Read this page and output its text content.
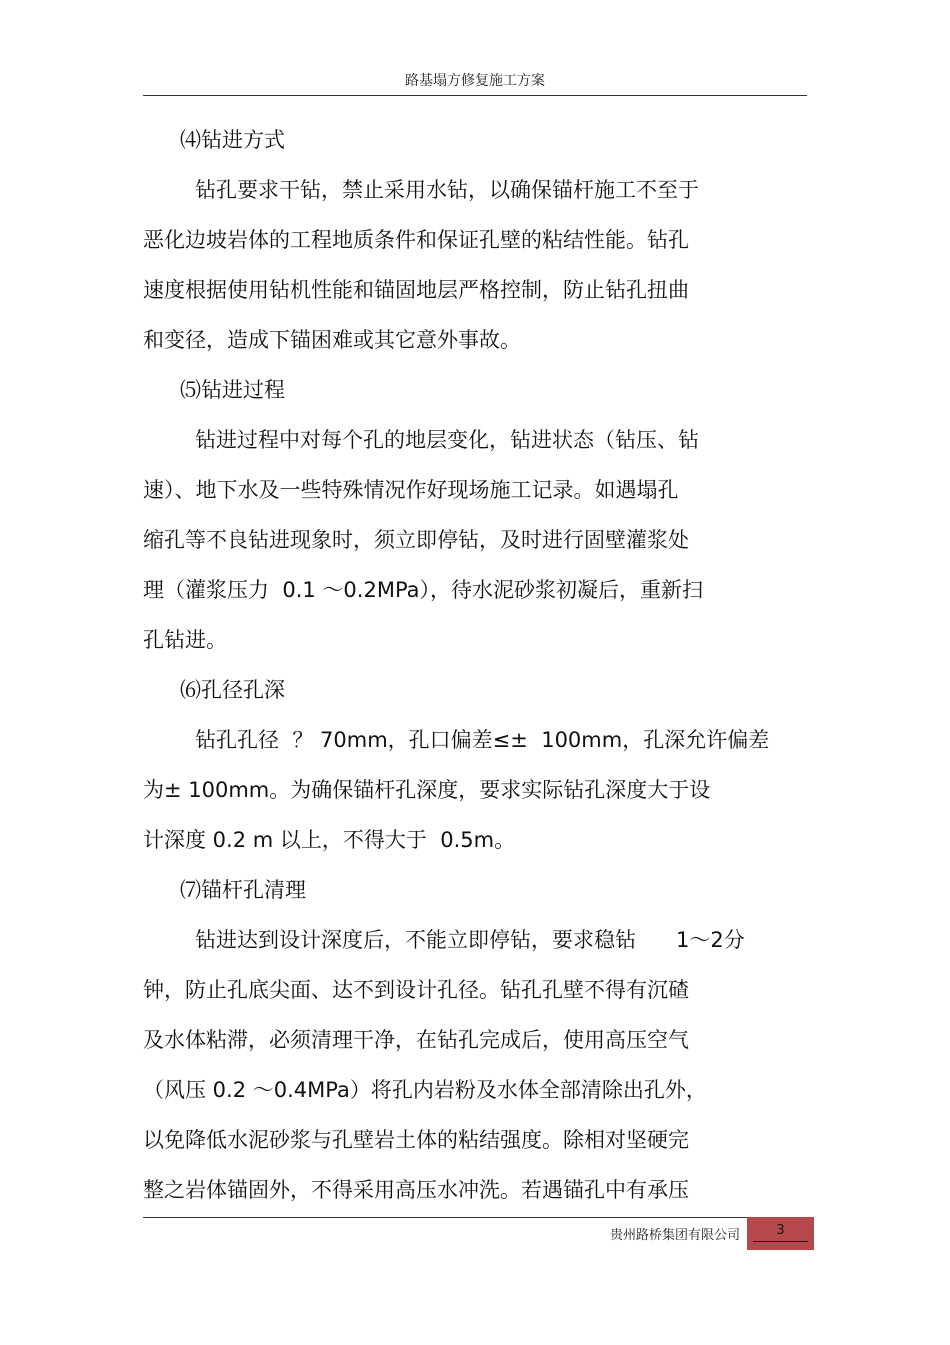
路基塌方修复施工方案
⑷钻进方式
钻孔要求干钻，禁止采用水钻，以确保锚杆施工不至于
恶化边坡岩体的工程地质条件和保证孔壁的粘结性能。钻孔
速度根据使用钻机性能和锚固地层严格控制，防止钻孔扭曲
和变径，造成下锚困难或其它意外事故。
⑸钻进过程
钻进过程中对每个孔的地层变化，钻进状态（钻压、钻
速）、地下水及一些特殊情况作好现场施工记录。如遇塌孔
缩孔等不良钻进现象时，须立即停钻，及时进行固壁灌浆处
理（灌浆压力  0.1 ～0.2MPa），待水泥砂浆初凝后，重新扫
孔钻进。
⑹孔径孔深
钻孔孔径  ？ 70mm，孔口偏差≤±  100mm，孔深允许偏差
为± 100mm。为确保锚杆孔深度，要求实际钻孔深度大于设
计深度 0.2 m 以上，不得大于  0.5m。
⑺锚杆孔清理
钻进达到设计深度后，不能立即停钻，要求稳钻      1～2分
钟，防止孔底尖面、达不到设计孔径。钻孔孔壁不得有沉碴
及水体粘滞，必须清理干净，在钻孔完成后，使用高压空气
（风压 0.2 ～0.4MPa）将孔内岩粉及水体全部清除出孔外，
以免降低水泥砂浆与孔壁岩土体的粘结强度。除相对坚硬完
整之岩体锚固外，不得采用高压水冲洗。若遇锚孔中有承压
贵州路桥集团有限公司	3
